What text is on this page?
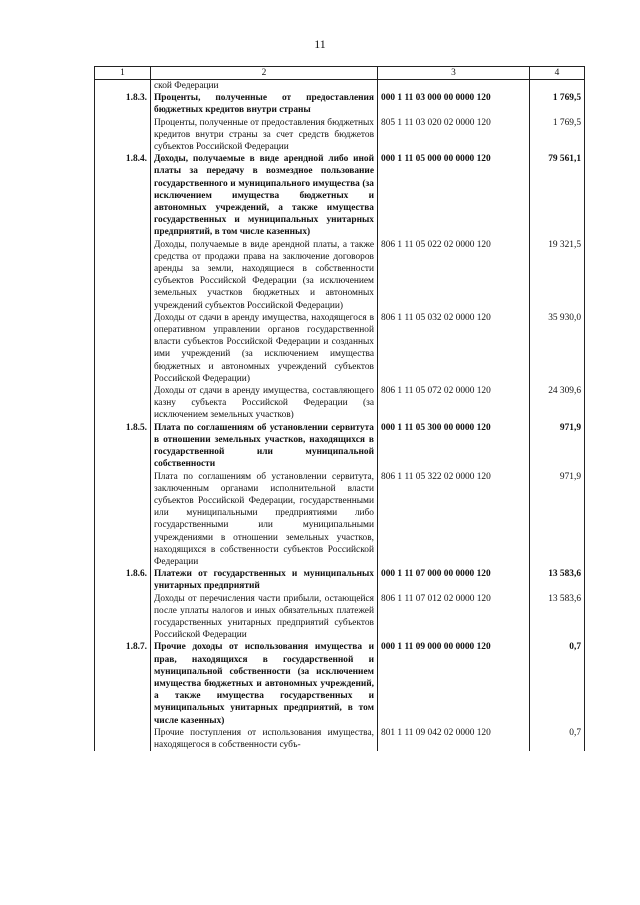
11
1	2	3	4
	ской Федерации		
1.8.3.	Проценты, полученные от предоставления бюджетных кредитов внутри страны	000 1 11 03 000 00 0000 120	1 769,5
	Проценты, полученные от предоставления бюджетных кредитов внутри страны за счет средств бюджетов субъектов Российской Федерации	805 1 11 03 020 02 0000 120	1 769,5
1.8.4.	Доходы, получаемые в виде арендной либо иной платы за передачу в возмездное пользование государственного и муниципального имущества (за исключением имущества бюджетных и автономных учреждений, а также имущества государственных и муниципальных унитарных предприятий, в том числе казенных)	000 1 11 05 000 00 0000 120	79 561,1
	Доходы, получаемые в виде арендной платы, а также средства от продажи права на заключение договоров аренды за земли, находящиеся в собственности субъектов Российской Федерации (за исключением земельных участков бюджетных и автономных учреждений субъектов Российской Федерации)	806 1 11 05 022 02 0000 120	19 321,5
	Доходы от сдачи в аренду имущества, находящегося в оперативном управлении органов государственной власти субъектов Российской Федерации и созданных ими учреждений (за исключением имущества бюджетных и автономных учреждений субъектов Российской Федерации)	806 1 11 05 032 02 0000 120	35 930,0
	Доходы от сдачи в аренду имущества, составляющего казну субъекта Российской Федерации (за исключением земельных участков)	806 1 11 05 072 02 0000 120	24 309,6
1.8.5.	Плата по соглашениям об установлении сервитута в отношении земельных участков, находящихся в государственной или муниципальной собственности	000 1 11 05 300 00 0000 120	971,9
	Плата по соглашениям об установлении сервитута, заключенным органами исполнительной власти субъектов Российской Федерации, государственными или муниципальными предприятиями либо государственными или муниципальными учреждениями в отношении земельных участков, находящихся в собственности субъектов Российской Федерации	806 1 11 05 322 02 0000 120	971,9
1.8.6.	Платежи от государственных и муниципальных унитарных предприятий	000 1 11 07 000 00 0000 120	13 583,6
	Доходы от перечисления части прибыли, остающейся после уплаты налогов и иных обязательных платежей государственных унитарных предприятий субъектов Российской Федерации	806 1 11 07 012 02 0000 120	13 583,6
1.8.7.	Прочие доходы от использования имущества и прав, находящихся в государственной и муниципальной собственности (за исключением имущества бюджетных и автономных учреждений, а также имущества государственных и муниципальных унитарных предприятий, в том числе казенных)	000 1 11 09 000 00 0000 120	0,7
	Прочие поступления от использования имущества, находящегося в собственности субъ-	801 1 11 09 042 02 0000 120	0,7
